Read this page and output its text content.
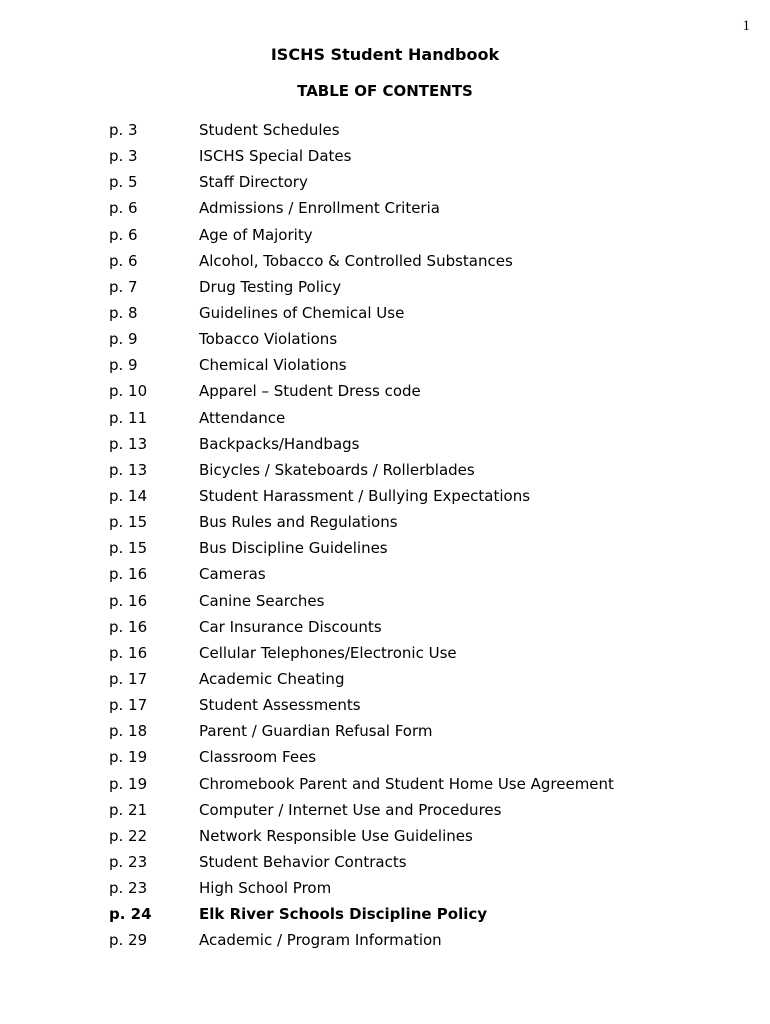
1
ISCHS Student Handbook
TABLE OF CONTENTS
p. 3	Student Schedules
p. 3	ISCHS Special Dates
p. 5	Staff Directory
p. 6	Admissions / Enrollment Criteria
p. 6	Age of Majority
p. 6	Alcohol, Tobacco & Controlled Substances
p. 7	Drug Testing Policy
p. 8	Guidelines of Chemical Use
p. 9	Tobacco Violations
p. 9	Chemical Violations
p. 10	Apparel – Student Dress code
p. 11	Attendance
p. 13	Backpacks/Handbags
p. 13	Bicycles / Skateboards / Rollerblades
p. 14	Student Harassment / Bullying Expectations
p. 15	Bus Rules and Regulations
p. 15	Bus Discipline Guidelines
p. 16	Cameras
p. 16	Canine Searches
p. 16	Car Insurance Discounts
p. 16	Cellular Telephones/Electronic Use
p. 17	Academic Cheating
p. 17	Student Assessments
p. 18	Parent / Guardian Refusal Form
p. 19	Classroom Fees
p. 19	Chromebook Parent and Student Home Use Agreement
p. 21	Computer / Internet Use and Procedures
p. 22	Network Responsible Use Guidelines
p. 23	Student Behavior Contracts
p. 23	High School Prom
p. 24	Elk River Schools Discipline Policy
p. 29	Academic / Program Information
